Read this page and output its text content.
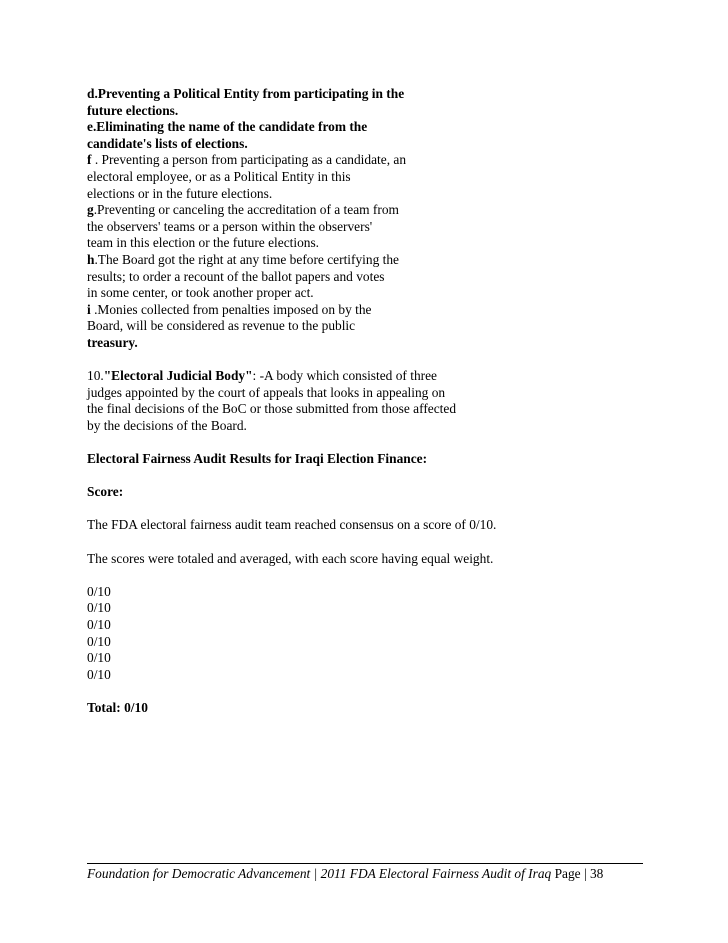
d.Preventing a Political Entity from participating in the
future elections.
e.Eliminating the name of the candidate from the
candidate's lists of elections.
f . Preventing a person from participating as a candidate, an
electoral employee, or as a Political Entity in this
elections or in the future elections.
g.Preventing or canceling the accreditation of a team from
the observers' teams or a person within the observers'
team in this election or the future elections.
h.The Board got the right at any time before certifying the
results; to order a recount of the ballot papers and votes
in some center, or took another proper act.
i .Monies collected from penalties imposed on by the
Board, will be considered as revenue to the public
treasury.
10."Electoral Judicial Body": -A body which consisted of three
judges appointed by the court of appeals that looks in appealing on
the final decisions of the BoC or those submitted from those affected
by the decisions of the Board.
Electoral Fairness Audit Results for Iraqi Election Finance:
Score:
The FDA electoral fairness audit team reached consensus on a score of 0/10.
The scores were totaled and averaged, with each score having equal weight.
0/10
0/10
0/10
0/10
0/10
0/10
Total: 0/10
Foundation for Democratic Advancement | 2011 FDA Electoral Fairness Audit of Iraq Page | 38
